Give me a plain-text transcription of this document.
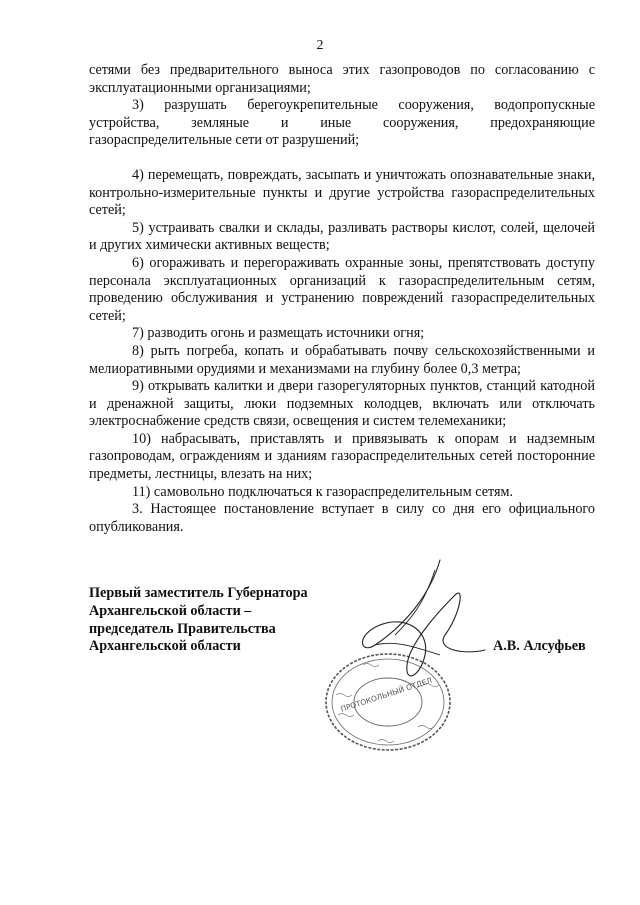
2

сетями без предварительного выноса этих газопроводов по согласованию с эксплуатационными организациями;

3) разрушать берегоукрепительные сооружения, водопропускные устройства, земляные и иные сооружения, предохраняющие газораспределительные сети от разрушений;

4) перемещать, повреждать, засыпать и уничтожать опознавательные знаки, контрольно-измерительные пункты и другие устройства газораспределительных сетей;

5) устраивать свалки и склады, разливать растворы кислот, солей, щелочей и других химически активных веществ;

6) огораживать и перегораживать охранные зоны, препятствовать доступу персонала эксплуатационных организаций к газораспределительным сетям, проведению обслуживания и устранению повреждений газораспределительных сетей;

7) разводить огонь и размещать источники огня;

8) рыть погреба, копать и обрабатывать почву сельскохозяйственными и мелиоративными орудиями и механизмами на глубину более 0,3 метра;

9) открывать калитки и двери газорегуляторных пунктов, станций катодной и дренажной защиты, люки подземных колодцев, включать или отключать электроснабжение средств связи, освещения и систем телемеханики;

10) набрасывать, приставлять и привязывать к опорам и надземным газопроводам, ограждениям и зданиям газораспределительных сетей посторонние предметы, лестницы, влезать на них;

11) самовольно подключаться к газораспределительным сетям.

3. Настоящее постановление вступает в силу со дня его официального опубликования.

Первый заместитель Губернатора
Архангельской области –
председатель Правительства
Архангельской области	А.В. Алсуфьев
ПРОТОКОЛЬНЫЙ ОТДЕЛ
